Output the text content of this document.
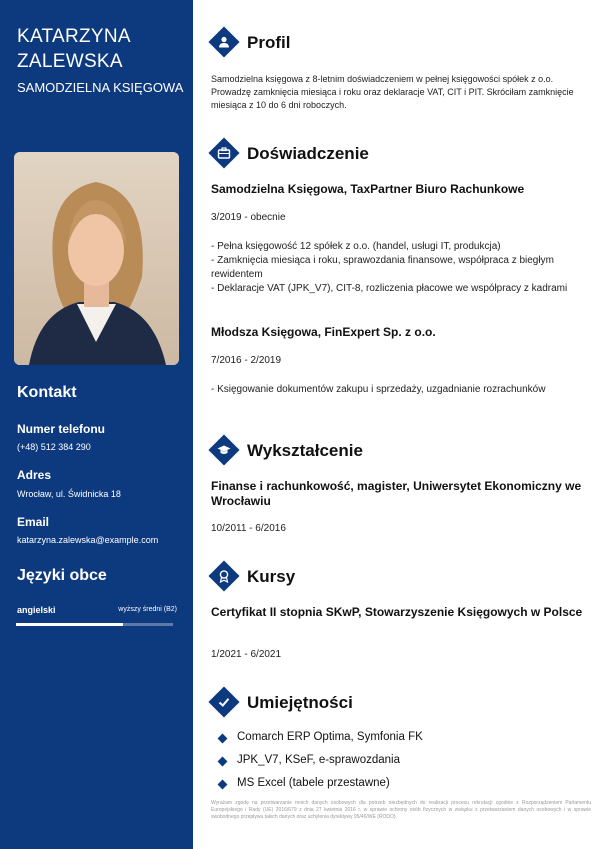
KATARZYNA ZALEWSKA
SAMODZIELNA KSIĘGOWA
Kontakt
Numer telefonu
(+48) 512 384 290
Adres
Wrocław, ul. Świdnicka 18
Email
katarzyna.zalewska@example.com
Języki obce
angielski	wyższy średni (B2)
Profil
Samodzielna księgowa z 8-letnim doświadczeniem w pełnej księgowości spółek z o.o. Prowadzę zamknięcia miesiąca i roku oraz deklaracje VAT, CIT i PIT. Skróciłam zamknięcie miesiąca z 10 do 6 dni roboczych.
Doświadczenie
Samodzielna Księgowa, TaxPartner Biuro Rachunkowe
3/2019 - obecnie
- Pełna księgowość 12 spółek z o.o. (handel, usługi IT, produkcja)
- Zamknięcia miesiąca i roku, sprawozdania finansowe, współpraca z biegłym rewidentem
- Deklaracje VAT (JPK_V7), CIT-8, rozliczenia płacowe we współpracy z kadrami
Młodsza Księgowa, FinExpert Sp. z o.o.
7/2016 - 2/2019
- Księgowanie dokumentów zakupu i sprzedaży, uzgadnianie rozrachunków
Wykształcenie
Finanse i rachunkowość, magister, Uniwersytet Ekonomiczny we Wrocławiu
10/2011 - 6/2016
Kursy
Certyfikat II stopnia SKwP, Stowarzyszenie Księgowych w Polsce
1/2021 - 6/2021
Umiejętności
Comarch ERP Optima, Symfonia FK
JPK_V7, KSeF, e-sprawozdania
MS Excel (tabele przestawne)
Wyrażam zgodę na przetwarzanie moich danych osobowych dla potrzeb niezbędnych do realizacji procesu rekrutacji zgodnie z Rozporządzeniem Parlamentu Europejskiego i Rady (UE) 2016/679 z dnia 27 kwietnia 2016 r. w sprawie ochrony osób fizycznych w związku z przetwarzaniem danych osobowych i w sprawie swobodnego przepływu takich danych oraz uchylenia dyrektywy 95/46/WE (RODO).
